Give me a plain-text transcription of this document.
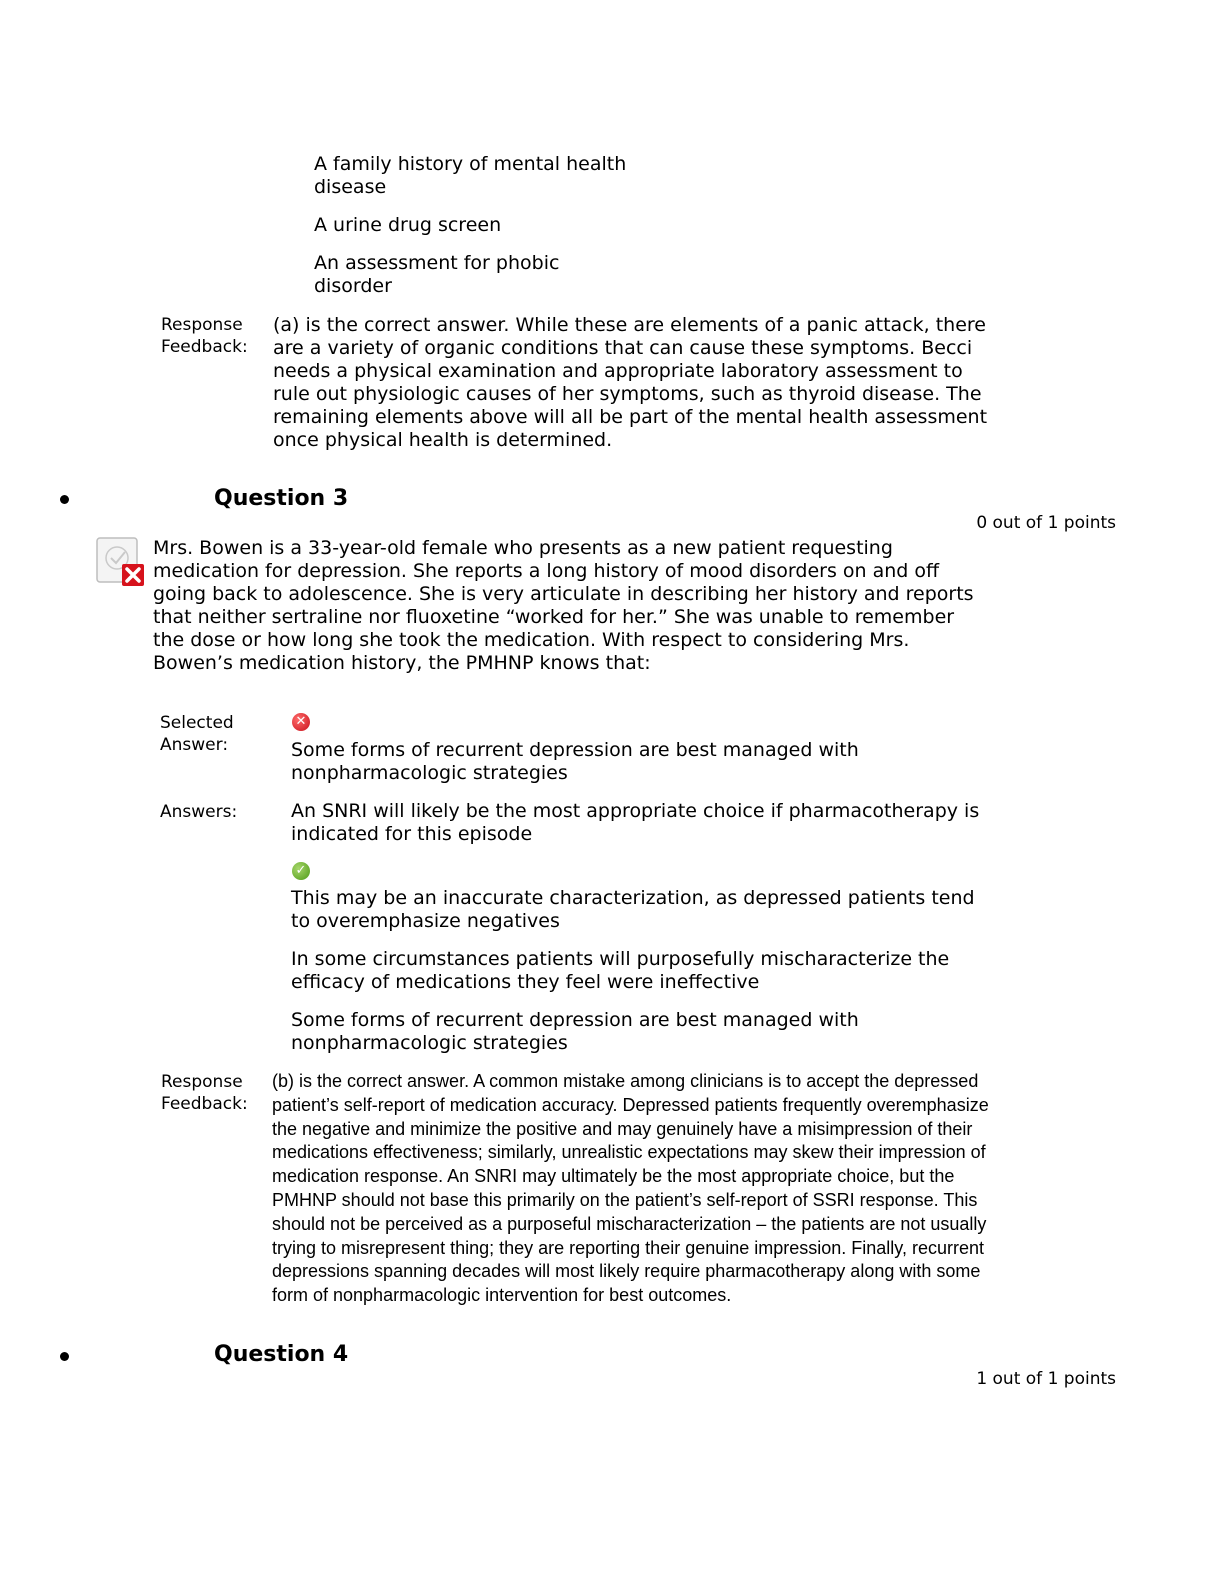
A family history of mental health disease
A urine drug screen
An assessment for phobic disorder
Response Feedback:
(a) is the correct answer. While these are elements of a panic attack, there are a variety of organic conditions that can cause these symptoms. Becci needs a physical examination and appropriate laboratory assessment to rule out physiologic causes of her symptoms, such as thyroid disease. The remaining elements above will all be part of the mental health assessment once physical health is determined.
Question 3
0 out of 1 points
Mrs. Bowen is a 33-year-old female who presents as a new patient requesting medication for depression. She reports a long history of mood disorders on and off going back to adolescence. She is very articulate in describing her history and reports that neither sertraline nor fluoxetine “worked for her.” She was unable to remember the dose or how long she took the medication. With respect to considering Mrs. Bowen’s medication history, the PMHNP knows that:
Selected Answer:
✕
Some forms of recurrent depression are best managed with nonpharmacologic strategies
Answers:	An SNRI will likely be the most appropriate choice if pharmacotherapy is indicated for this episode
✓
This may be an inaccurate characterization, as depressed patients tend to overemphasize negatives
In some circumstances patients will purposefully mischaracterize the efficacy of medications they feel were ineffective
Some forms of recurrent depression are best managed with nonpharmacologic strategies
Response Feedback:
(b) is the correct answer. A common mistake among clinicians is to accept the depressed patient’s self-report of medication accuracy. Depressed patients frequently overemphasize the negative and minimize the positive and may genuinely have a misimpression of their medications effectiveness; similarly, unrealistic expectations may skew their impression of medication response. An SNRI may ultimately be the most appropriate choice, but the PMHNP should not base this primarily on the patient’s self-report of SSRI response. This should not be perceived as a purposeful mischaracterization – the patients are not usually trying to misrepresent thing; they are reporting their genuine impression. Finally, recurrent depressions spanning decades will most likely require pharmacotherapy along with some form of nonpharmacologic intervention for best outcomes.
Question 4
1 out of 1 points
